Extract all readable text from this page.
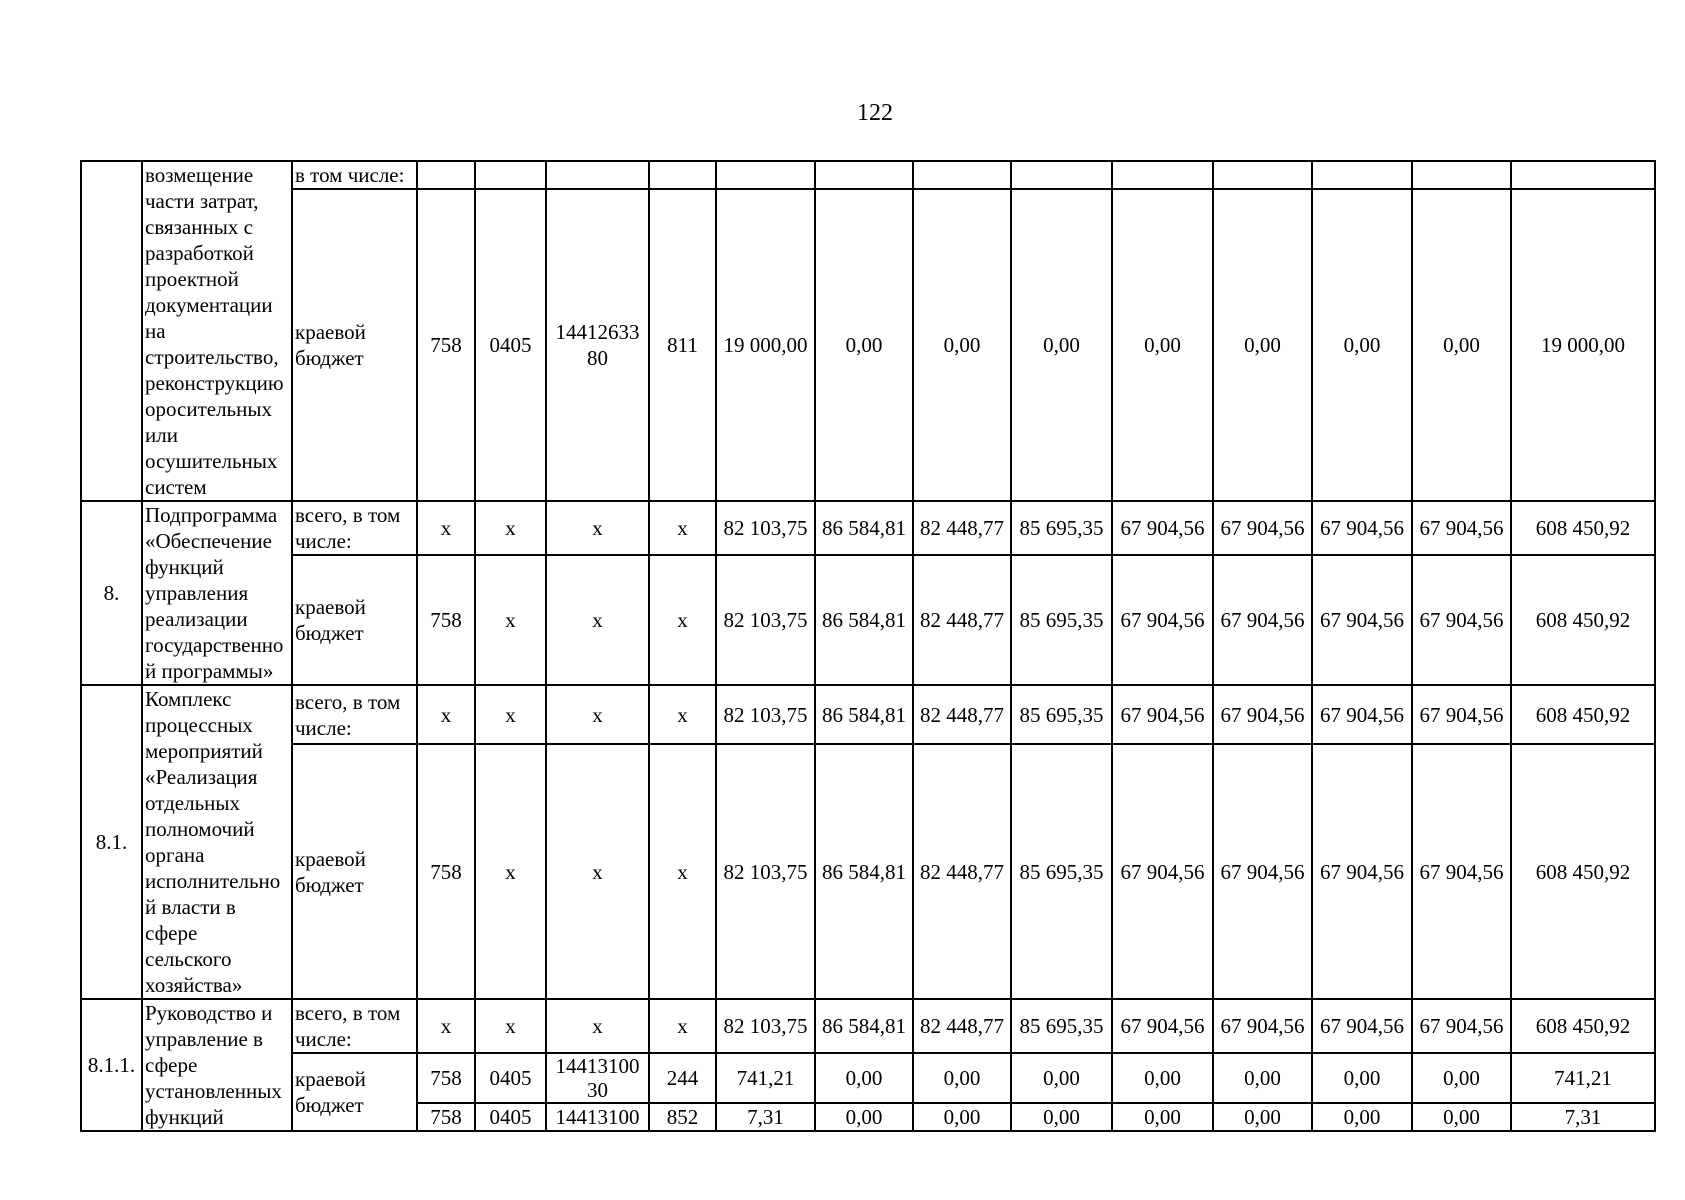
122
	возмещение части затрат, связанных с разработкой проектной документации на строительство, реконструкцию оросительных или осушительных систем	в том числе:													
		краевой бюджет	758	0405	14412633 80	811	19 000,00	0,00	0,00	0,00	0,00	0,00	0,00	0,00	19 000,00
8.	Подпрограмма «Обеспечение функций управления реализации государственно й программы»	всего, в том числе:	х	х	х	х	82 103,75	86 584,81	82 448,77	85 695,35	67 904,56	67 904,56	67 904,56	67 904,56	608 450,92
		краевой бюджет	758	х	х	х	82 103,75	86 584,81	82 448,77	85 695,35	67 904,56	67 904,56	67 904,56	67 904,56	608 450,92
8.1.	Комплекс процессных мероприятий «Реализация отдельных полномочий органа исполнительно й власти в сфере сельского хозяйства»	всего, в том числе:	х	х	х	х	82 103,75	86 584,81	82 448,77	85 695,35	67 904,56	67 904,56	67 904,56	67 904,56	608 450,92
		краевой бюджет	758	х	х	х	82 103,75	86 584,81	82 448,77	85 695,35	67 904,56	67 904,56	67 904,56	67 904,56	608 450,92
8.1.1.	Руководство и управление в сфере установленных функций	всего, в том числе:	х	х	х	х	82 103,75	86 584,81	82 448,77	85 695,35	67 904,56	67 904,56	67 904,56	67 904,56	608 450,92
		краевой бюджет	758	0405	14413100 30	244	741,21	0,00	0,00	0,00	0,00	0,00	0,00	0,00	741,21
			758	0405	14413100	852	7,31	0,00	0,00	0,00	0,00	0,00	0,00	0,00	7,31
